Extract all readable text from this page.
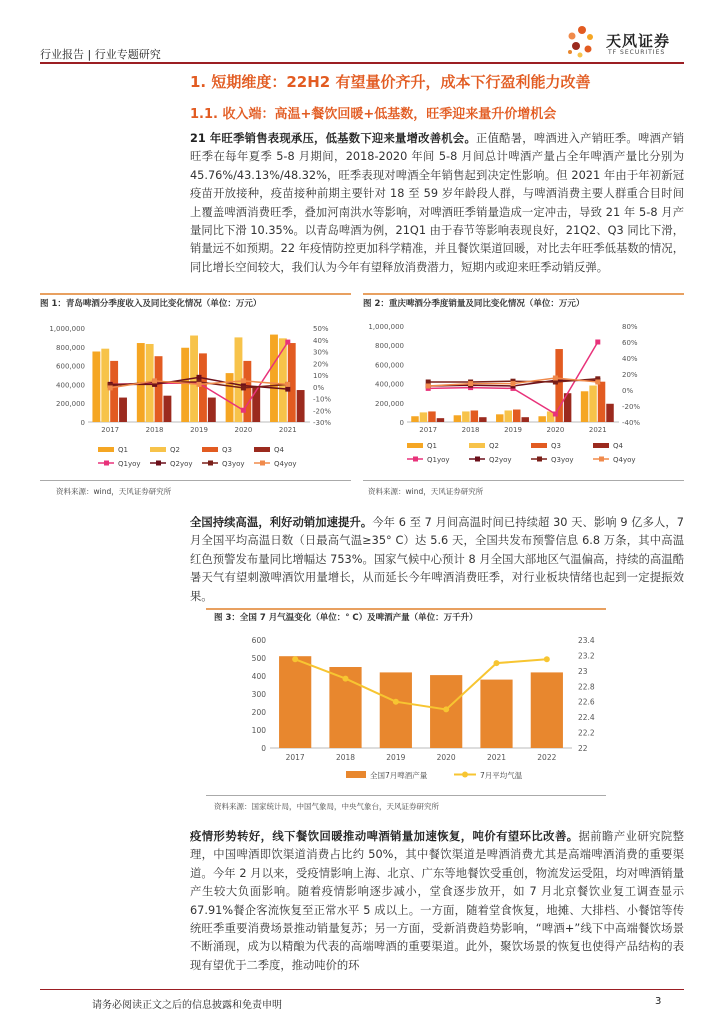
行业报告 | 行业专题研究
天风证券
TF SECURITIES
1. 短期维度：22H2 有望量价齐升，成本下行盈利能力改善
1.1. 收入端：高温+餐饮回暖+低基数，旺季迎来量升价增机会
21 年旺季销售表现承压，低基数下迎来量增改善机会。正值酷暑，啤酒进入产销旺季。啤酒产销旺季在每年夏季 5-8 月期间，2018-2020 年间 5-8 月间总计啤酒产量占全年啤酒产量比分别为 45.76%/43.13%/48.32%，旺季表现对啤酒全年销售起到决定性影响。但 2021 年由于年初新冠疫苗开放接种，疫苗接种前期主要针对 18 至 59 岁年龄段人群，与啤酒消费主要人群重合目时间上覆盖啤酒消费旺季，叠加河南洪水等影响，对啤酒旺季销量造成一定冲击，导致 21 年 5-8 月产量同比下滑 10.35%。以青岛啤酒为例，21Q1 由于春节等影响表现良好，21Q2、Q3 同比下滑，销量远不如预期。22 年疫情防控更加科学精准，并且餐饮渠道回暖，对比去年旺季低基数的情况，同比增长空间较大，我们认为今年有望释放消费潜力，短期内或迎来旺季动销反弹。
图 1：青岛啤酒分季度收入及同比变化情况（单位：万元）
1,000,000
800,000
600,000
400,000
200,000
0
50%
40%
30%
20%
10%
0%
-10%
-20%
-30%
2017	2018	2019	2020	2021
Q1	Q2	Q3	Q4
Q1yoy	Q2yoy	Q3yoy	Q4yoy
资料来源：wind，天风证券研究所
图 2：重庆啤酒分季度销量及同比变化情况（单位：万元）
1,000,000
800,000
600,000
400,000
200,000
0
80%
60%
40%
20%
0%
-20%
-40%
2017	2018	2019	2020	2021
Q1	Q2	Q3	Q4
Q1yoy	Q2yoy	Q3yoy	Q4yoy
资料来源：wind，天风证券研究所
全国持续高温，利好动销加速提升。今年 6 至 7 月间高温时间已持续超 30 天、影响 9 亿多人，7 月全国平均高温日数（日最高气温≥35° C）达 5.6 天，全国共发布预警信息 6.8 万条，其中高温红色预警发布量同比增幅达 753%。国家气候中心预计 8 月全国大部地区气温偏高，持续的高温酷暑天气有望刺激啤酒饮用量增长，从而延长今年啤酒消费旺季，对行业板块情绪也起到一定提振效果。
图 3：全国 7 月气温变化（单位：° C）及啤酒产量（单位：万千升）
600
500
400
300
200
100
0
23.4
23.2
23
22.8
22.6
22.4
22.2
22
2017	2018	2019	2020	2021	2022
全国7月啤酒产量	7月平均气温
资料来源：国家统计局，中国气象局，中央气象台，天风证券研究所
疫情形势转好，线下餐饮回暖推动啤酒销量加速恢复，吨价有望环比改善。据前瞻产业研究院整理，中国啤酒即饮渠道消费占比约 50%，其中餐饮渠道是啤酒消费尤其是高端啤酒消费的重要渠道。今年 2 月以来，受疫情影响上海、北京、广东等地餐饮受重创，物流发运受阻，均对啤酒销量产生较大负面影响。随着疫情影响逐步减小，堂食逐步放开，如 7 月北京餐饮业复工调查显示 67.91%餐企客流恢复至正常水平 5 成以上。一方面，随着堂食恢复，地摊、大排档、小餐馆等传统旺季重要消费场景推动销量复苏；另一方面，受新消费趋势影响，“啤酒+”线下中高端餐饮场景不断涌现，成为以精酿为代表的高端啤酒的重要渠道。此外，聚饮场景的恢复也使得产品结构的表现有望优于二季度，推动吨价的环
请务必阅读正文之后的信息披露和免责申明	3
